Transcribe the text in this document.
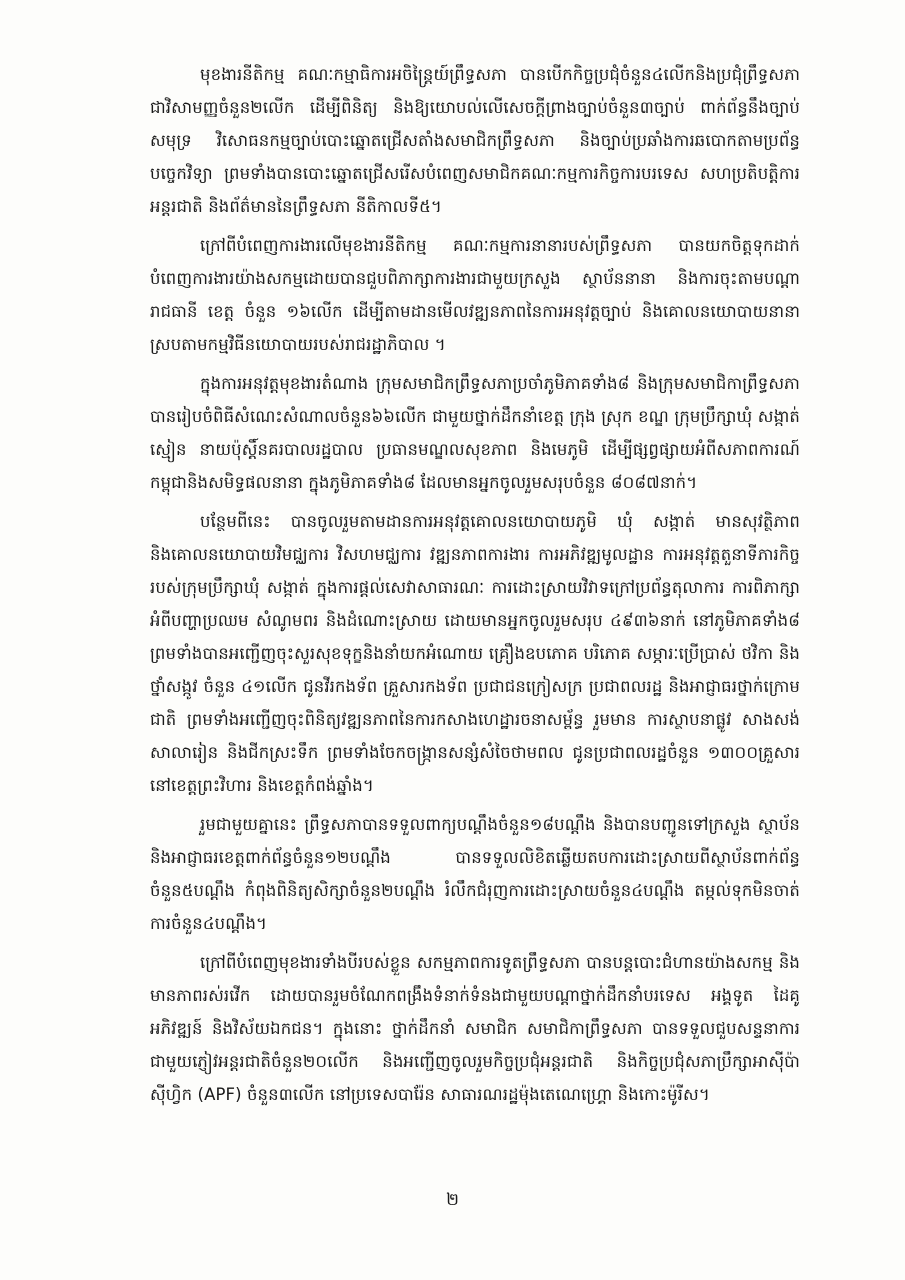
មុខងារនីតិកម្ម គណៈកម្មាធិការអចិន្ត្រៃយ៍ព្រឹទ្ធសភា បានបើកកិច្ចប្រជុំចំនួន៤លើកនិងប្រជុំព្រឹទ្ធសភាជាវិសាមញ្ញចំនួន២លើក ដើម្បីពិនិត្យ និងឱ្យយោបល់លើសេចក្តីព្រាងច្បាប់ចំនួន៣ច្បាប់ ពាក់ព័ន្ធនឹងច្បាប់សមុទ្រ វិសោធនកម្មច្បាប់បោះឆ្នោតជ្រើសតាំងសមាជិកព្រឹទ្ធសភា និងច្បាប់ប្រឆាំងការឆបោកតាមប្រព័ន្ធបច្ចេកវិទ្យា ព្រមទាំងបានបោះឆ្នោតជ្រើសរើសបំពេញសមាជិកគណៈកម្មការកិច្ចការបរទេស សហប្រតិបត្តិការអន្តរជាតិ និងព័ត៌មាននៃព្រឹទ្ធសភា នីតិកាលទី៥។

ក្រៅពីបំពេញការងារលើមុខងារនីតិកម្ម គណៈកម្មការនានារបស់ព្រឹទ្ធសភា បានយកចិត្តទុកដាក់បំពេញការងារយ៉ាងសកម្មដោយបានជួបពិភាក្សាការងារជាមួយក្រសួង ស្ថាប័ននានា និងការចុះតាមបណ្តារាជធានី ខេត្ត ចំនួន ១៦លើក ដើម្បីតាមដានមើលវឌ្ឍនភាពនៃការអនុវត្តច្បាប់ និងគោលនយោបាយនានា ស្របតាមកម្មវិធីនយោបាយរបស់រាជរដ្ឋាភិបាល ។

ក្នុងការអនុវត្តមុខងារតំណាង ក្រុមសមាជិកព្រឹទ្ធសភាប្រចាំភូមិភាគទាំង៨ និងក្រុមសមាជិកាព្រឹទ្ធសភា បានរៀបចំពិធីសំណេះសំណាលចំនួន៦៦លើក ជាមួយថ្នាក់ដឹកនាំខេត្ត ក្រុង ស្រុក ខណ្ឌ ក្រុមប្រឹក្សាឃុំ សង្កាត់ ស្មៀន នាយប៉ុស្តិ៍នគរបាលរដ្ឋបាល ប្រធានមណ្ឌលសុខភាព និងមេភូមិ ដើម្បីផ្សព្វផ្សាយអំពីសភាពការណ៍កម្ពុជានិងសមិទ្ធផលនានា ក្នុងភូមិភាគទាំង៨ ដែលមានអ្នកចូលរួមសរុបចំនួន ៨០៨៧នាក់។

បន្ថែមពីនេះ បានចូលរួមតាមដានការអនុវត្តគោលនយោបាយភូមិ ឃុំ សង្កាត់ មានសុវត្ថិភាព និងគោលនយោបាយវិមជ្ឈការ វិសហមជ្ឈការ វឌ្ឍនភាពការងារ ការអភិវឌ្ឍមូលដ្ឋាន ការអនុវត្តតួនាទីភារកិច្ចរបស់ក្រុមប្រឹក្សាឃុំ សង្កាត់ ក្នុងការផ្តល់សេវាសាធារណៈ ការដោះស្រាយវិវាទក្រៅប្រព័ន្ធតុលាការ ការពិភាក្សាអំពីបញ្ហាប្រឈម សំណូមពរ និងដំណោះស្រាយ ដោយមានអ្នកចូលរួមសរុប ៤៩៣៦នាក់ នៅភូមិភាគទាំង៨ ព្រមទាំងបានអញ្ជើញចុះសួរសុខទុក្ខនិងនាំយកអំណោយ គ្រឿងឧបភោគ បរិភោគ សម្ភារៈប្រើប្រាស់ ថវិកា និងថ្នាំសង្កូវ ចំនួន ៤១លើក ជូនវីរកងទ័ព គ្រួសារកងទ័ព ប្រជាជនក្រៀសក្រ ប្រជាពលរដ្ឋ និងអាជ្ញាធរថ្នាក់ក្រោមជាតិ ព្រមទាំងអញ្ជើញចុះពិនិត្យវឌ្ឍនភាពនៃការកសាងហេដ្ឋារចនាសម្ព័ន្ធ រួមមាន ការស្ថាបនាផ្លូវ សាងសង់សាលារៀន និងជីកស្រះទឹក ព្រមទាំងចែកចង្ក្រានសន្សំសំចៃថាមពល ជូនប្រជាពលរដ្ឋចំនួន ១៣០០គ្រួសារ នៅខេត្តព្រះវិហារ និងខេត្តកំពង់ឆ្នាំង។

រួមជាមួយគ្នានេះ ព្រឹទ្ធសភាបានទទួលពាក្យបណ្តឹងចំនួន១៨បណ្តឹង និងបានបញ្ជូនទៅក្រសួង ស្ថាប័ន និងអាជ្ញាធរខេត្តពាក់ព័ន្ធចំនួន១២បណ្តឹង បានទទួលលិខិតឆ្លើយតបការដោះស្រាយពីស្ថាប័នពាក់ព័ន្ធចំនួន៥បណ្តឹង កំពុងពិនិត្យសិក្សាចំនួន២បណ្តឹង រំលឹកជំរុញការដោះស្រាយចំនួន៤បណ្តឹង តម្កល់ទុកមិនចាត់ការចំនួន៤បណ្តឹង។

ក្រៅពីបំពេញមុខងារទាំងបីរបស់ខ្លួន សកម្មភាពការទូតព្រឹទ្ធសភា បានបន្តបោះជំហានយ៉ាងសកម្ម និងមានភាពរស់រវើក ដោយបានរួមចំណែកពង្រឹងទំនាក់ទំនងជាមួយបណ្តាថ្នាក់ដឹកនាំបរទេស អង្គទូត ដៃគូអភិវឌ្ឍន៍ និងវិស័យឯកជន។ ក្នុងនោះ ថ្នាក់ដឹកនាំ សមាជិក សមាជិកាព្រឹទ្ធសភា បានទទួលជួបសន្ទនាការជាមួយភ្ញៀវអន្តរជាតិចំនួន២០លើក និងអញ្ជើញចូលរួមកិច្ចប្រជុំអន្តរជាតិ និងកិច្ចប្រជុំសភាប្រឹក្សាអាស៊ីប៉ាស៊ីហ្វិក (APF) ចំនួន៣លើក នៅប្រទេសបារ៉ែន សាធារណរដ្ឋម៉ុងតេណេហ្គ្រោ និងកោះម៉ូរីស។

២
